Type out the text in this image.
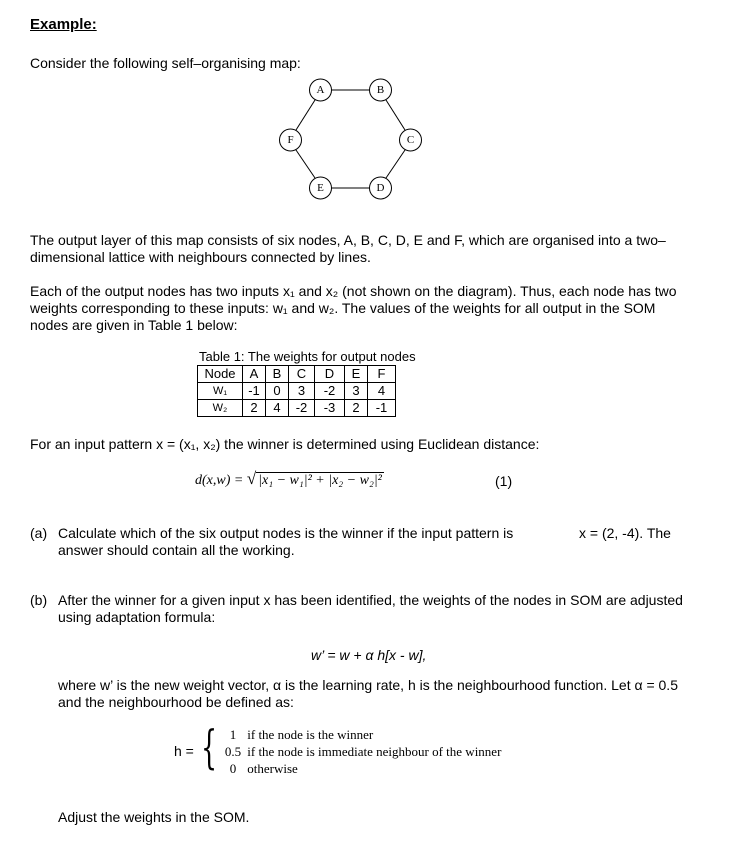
Example:
Consider the following self–organising map:
A	B
C
D
E
F
The output layer of this map consists of six nodes, A, B, C, D, E and F, which are organised into a two–dimensional lattice with neighbours connected by lines.
Each of the output nodes has two inputs x₁ and x₂ (not shown on the diagram). Thus, each node has two weights corresponding to these inputs: w₁ and w₂. The values of the weights for all output in the SOM nodes are given in Table 1 below:
Table 1: The weights for output nodes
Node	A	B	C	D	E	F
W₁	-1	0	3	-2	3	4
W₂	2	4	-2	-3	2	-1
For an input pattern x = (x₁, x₂) the winner is determined using Euclidean distance:
d(x,w) = √ |x₁ − w₁|² + |x₂ − w₂|²	(1)
(a) Calculate which of the six output nodes is the winner if the input pattern is	x = (2, -4). The
answer should contain all the working.
(b) After the winner for a given input x has been identified, the weights of the nodes in SOM are adjusted using adaptation formula:
w’ = w + α h[x - w],
where w’ is the new weight vector, α is the learning rate, h is the neighbourhood function. Let α = 0.5 and the neighbourhood be defined as:
h = { 1 if the node is the winner
0.5 if the node is immediate neighbour of the winner
0 otherwise
Adjust the weights in the SOM.
